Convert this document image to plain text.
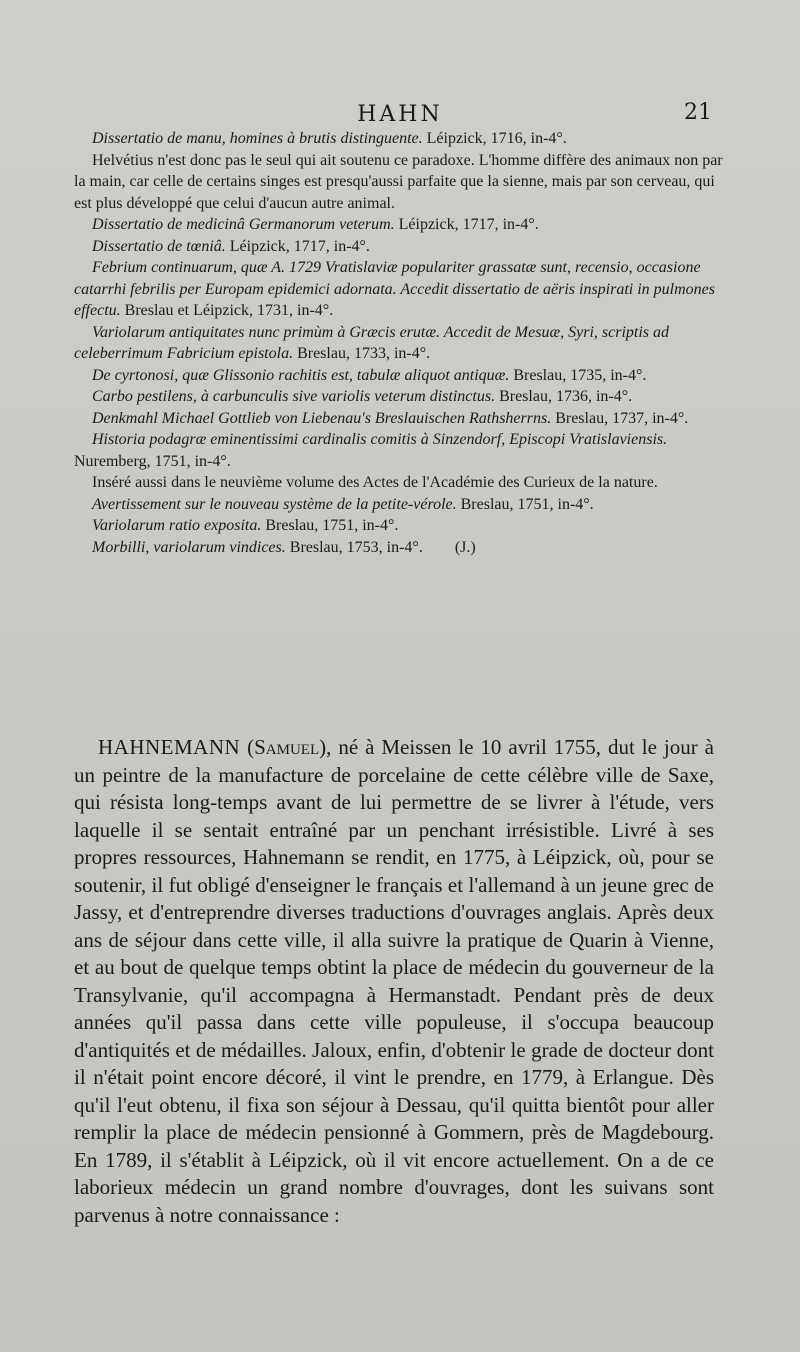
HAHN	21

Dissertatio de manu, homines à brutis distinguente. Léipzick, 1716, in-4°.

Helvétius n'est donc pas le seul qui ait soutenu ce paradoxe. L'homme diffère des animaux non par la main, car celle de certains singes est presqu'aussi parfaite que la sienne, mais par son cerveau, qui est plus développé que celui d'aucun autre animal.

Dissertatio de medicinâ Germanorum veterum. Léipzick, 1717, in-4°.

Dissertatio de tœniâ. Léipzick, 1717, in-4°.

Febrium continuarum, quæ A. 1729 Vratislaviæ populariter grassatæ sunt, recensio, occasione catarrhi febrilis per Europam epidemici adornata. Accedit dissertatio de aëris inspirati in pulmones effectu. Breslau et Léipzick, 1731, in-4°.

Variolarum antiquitates nunc primùm à Græcis erutæ. Accedit de Mesuæ, Syri, scriptis ad celeberrimum Fabricium epistola. Breslau, 1733, in-4°.

De cyrtonosi, quæ Glissonio rachitis est, tabulæ aliquot antiquæ. Breslau, 1735, in-4°.

Carbo pestilens, à carbunculis sive variolis veterum distinctus. Breslau, 1736, in-4°.

Denkmahl Michael Gottlieb von Liebenau's Breslauischen Rathsherrns. Breslau, 1737, in-4°.

Historia podagræ eminentissimi cardinalis comitis à Sinzendorf, Episcopi Vratislaviensis. Nuremberg, 1751, in-4°.

Inséré aussi dans le neuvième volume des Actes de l'Académie des Curieux de la nature.

Avertissement sur le nouveau système de la petite-vérole. Breslau, 1751, in-4°.

Variolarum ratio exposita. Breslau, 1751, in-4°.

Morbilli, variolarum vindices. Breslau, 1753, in-4°.        (J.)

HAHNEMANN (Samuel), né à Meissen le 10 avril 1755, dut le jour à un peintre de la manufacture de porcelaine de cette célèbre ville de Saxe, qui résista long-temps avant de lui permettre de se livrer à l'étude, vers laquelle il se sentait entraîné par un penchant irrésistible. Livré à ses propres ressources, Hahnemann se rendit, en 1775, à Léipzick, où, pour se soutenir, il fut obligé d'enseigner le français et l'allemand à un jeune grec de Jassy, et d'entreprendre diverses traductions d'ouvrages anglais. Après deux ans de séjour dans cette ville, il alla suivre la pratique de Quarin à Vienne, et au bout de quelque temps obtint la place de médecin du gouverneur de la Transylvanie, qu'il accompagna à Hermanstadt. Pendant près de deux années qu'il passa dans cette ville populeuse, il s'occupa beaucoup d'antiquités et de médailles. Jaloux, enfin, d'obtenir le grade de docteur dont il n'était point encore décoré, il vint le prendre, en 1779, à Erlangue. Dès qu'il l'eut obtenu, il fixa son séjour à Dessau, qu'il quitta bientôt pour aller remplir la place de médecin pensionné à Gommern, près de Magdebourg. En 1789, il s'établit à Léipzick, où il vit encore actuellement. On a de ce laborieux médecin un grand nombre d'ouvrages, dont les suivans sont parvenus à notre connaissance :
